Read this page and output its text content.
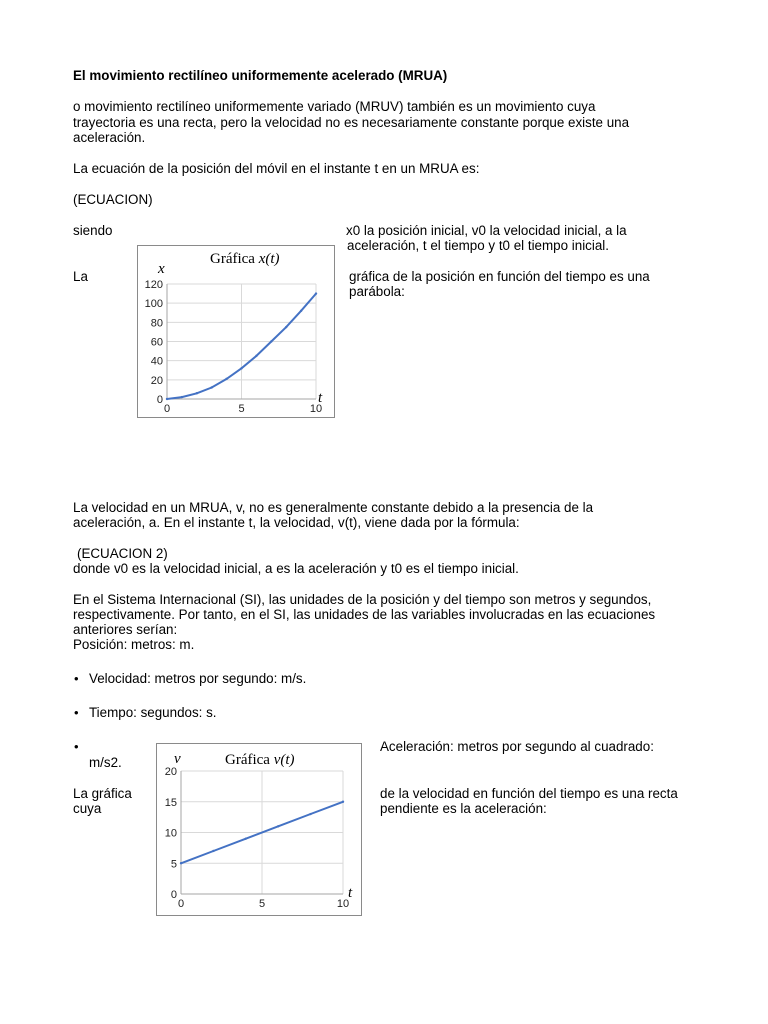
El movimiento rectilíneo uniformemente acelerado (MRUA)
o movimiento rectilíneo uniformemente variado (MRUV) también es un movimiento cuya
trayectoria es una recta, pero la velocidad no es necesariamente constante porque existe una
aceleración.
La ecuación de la posición del móvil en el instante t en un MRUA es:
(ECUACION)
siendo	x0 la posición inicial, v0 la velocidad inicial, a la
aceleración, t el tiempo y t0 el tiempo inicial.
La	gráfica de la posición en función del tiempo es una
parábola:
Gráfica x(t)
x
t
0
20
40
60
80
100
120
0	5	10
La velocidad en un MRUA, v, no es generalmente constante debido a la presencia de la
aceleración, a. En el instante t, la velocidad, v(t), viene dada por la fórmula:
(ECUACION 2)
donde v0 es la velocidad inicial, a es la aceleración y t0 es el tiempo inicial.
En el Sistema Internacional (SI), las unidades de la posición y del tiempo son metros y segundos,
respectivamente. Por tanto, en el SI, las unidades de las variables involucradas en las ecuaciones
anteriores serían:
Posición: metros: m.
• Velocidad: metros por segundo: m/s.
• Tiempo: segundos: s.
•	Aceleración: metros por segundo al cuadrado:
m/s2.
La gráfica
cuya
de la velocidad en función del tiempo es una recta
pendiente es la aceleración:
Gráfica v(t)
v
t
0
5
10
15
20
0	5	10
